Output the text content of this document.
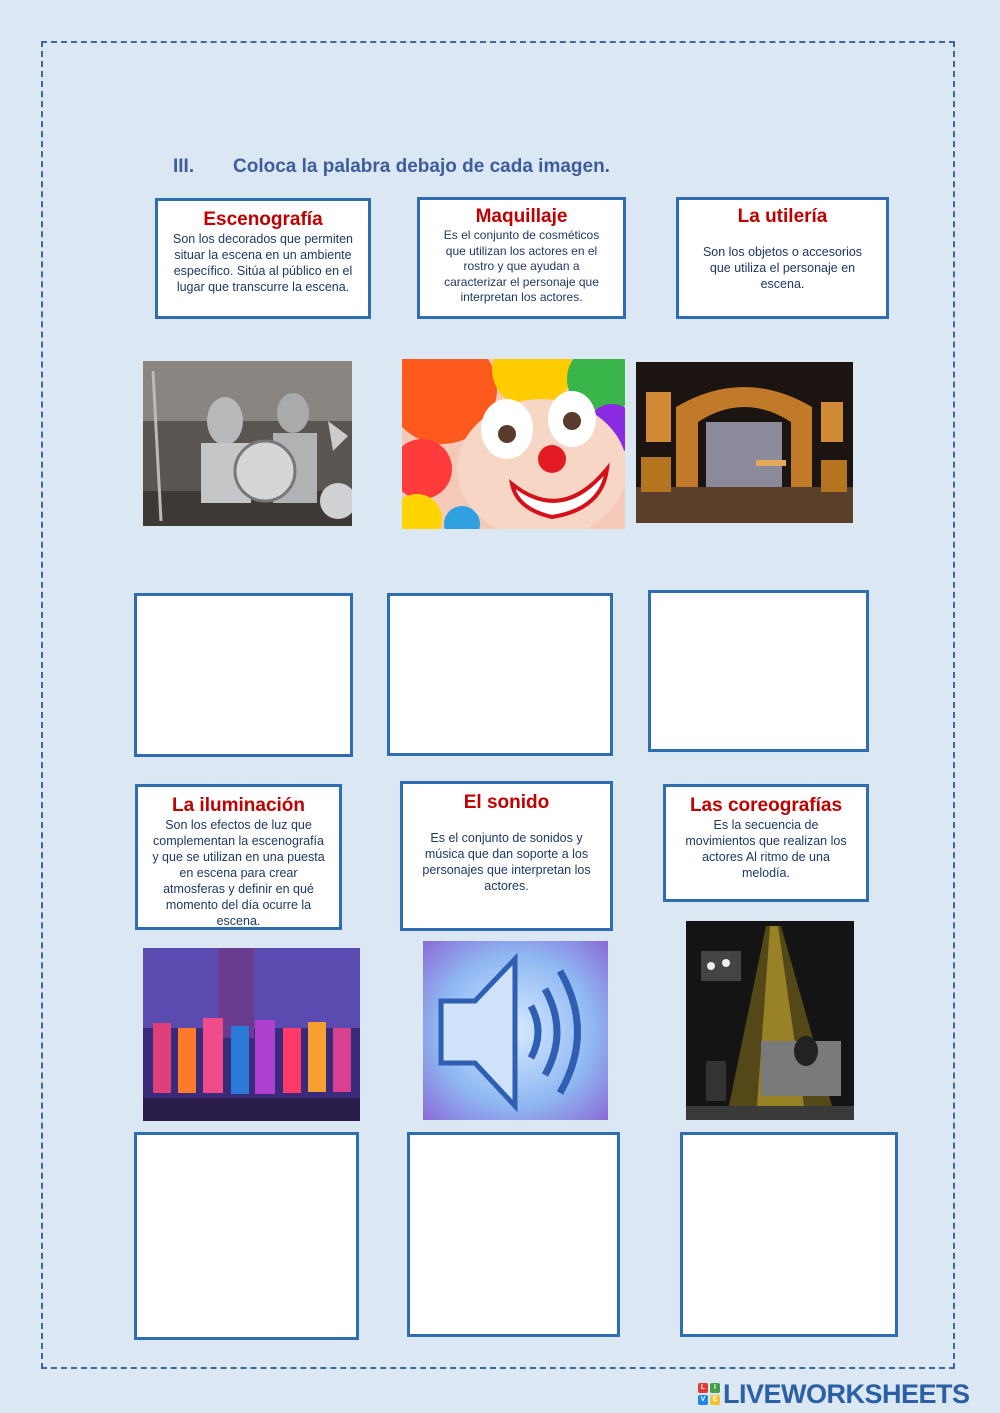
III. Coloca la palabra debajo de cada imagen.

Escenografía

Son los decorados que permiten situar la escena en un ambiente específico. Sitúa al público en el lugar que transcurre la escena.

Maquillaje

Es el conjunto de cosméticos que utilizan los actores en el rostro y que ayudan a caracterizar el personaje que interpretan los actores.

La utilería

Son los objetos o accesorios que utiliza el personaje en escena.

La iluminación

Son los efectos de luz que complementan la escenografía y que se utilizan en una puesta en escena para crear atmosferas y definir en qué momento del día ocurre la escena.

El sonido

Es el conjunto de sonidos y música que dan soporte a los personajes que interpretan los actores.

Las coreografías

Es la secuencia de movimientos que realizan los actores Al ritmo de una melodía.

L	I
V	E LIVEWORKSHEETS
